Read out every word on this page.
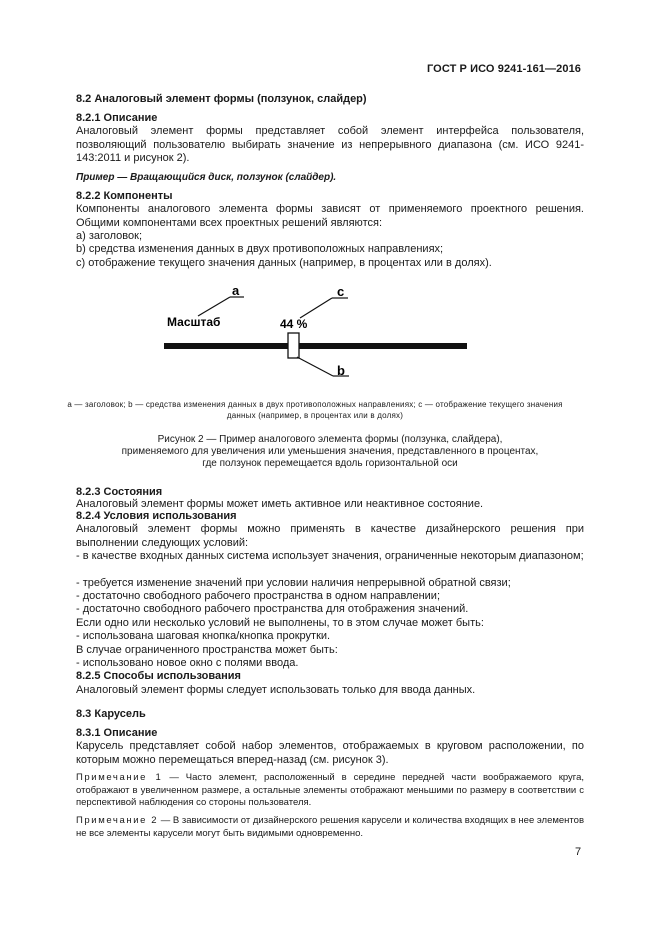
ГОСТ Р ИСО 9241-161—2016
8.2 Аналоговый элемент формы (ползунок, слайдер)
8.2.1 Описание
Аналоговый элемент формы представляет собой элемент интерфейса пользователя, позволяющий пользователю выбирать значение из непрерывного диапазона (см. ИСО 9241-143:2011 и рисунок 2).
Пример — Вращающийся диск, ползунок (слайдер).
8.2.2 Компоненты
Компоненты аналогового элемента формы зависят от применяемого проектного решения. Общими компонентами всех проектных решений являются:
a) заголовок;
b) средства изменения данных в двух противоположных направлениях;
c) отображение текущего значения данных (например, в процентах или в долях).
a	c
b
Масштаб	44 %
a — заголовок; b — средства изменения данных в двух противоположных направлениях; c — отображение текущего значения
данных (например, в процентах или в долях)
Рисунок 2 — Пример аналогового элемента формы (ползунка, слайдера),
применяемого для увеличения или уменьшения значения, представленного в процентах,
где ползунок перемещается вдоль горизонтальной оси
8.2.3 Состояния
Аналоговый элемент формы может иметь активное или неактивное состояние.
8.2.4 Условия использования
Аналоговый элемент формы можно применять в качестве дизайнерского решения при выполнении следующих условий:
- в качестве входных данных система использует значения, ограниченные некоторым диапазоном;
- требуется изменение значений при условии наличия непрерывной обратной связи;
- достаточно свободного рабочего пространства в одном направлении;
- достаточно свободного рабочего пространства для отображения значений.
Если одно или несколько условий не выполнены, то в этом случае может быть:
- использована шаговая кнопка/кнопка прокрутки.
В случае ограниченного пространства может быть:
- использовано новое окно с полями ввода.
8.2.5 Способы использования
Аналоговый элемент формы следует использовать только для ввода данных.
8.3 Карусель
8.3.1 Описание
Карусель представляет собой набор элементов, отображаемых в круговом расположении, по которым можно перемещаться вперед-назад (см. рисунок 3).
Примечание 1 — Часто элемент, расположенный в середине передней части воображаемого круга, отображают в увеличенном размере, а остальные элементы отображают меньшими по размеру в соответствии с перспективой наблюдения со стороны пользователя.
Примечание 2 — В зависимости от дизайнерского решения карусели и количества входящих в нее элементов не все элементы карусели могут быть видимыми одновременно.
7
